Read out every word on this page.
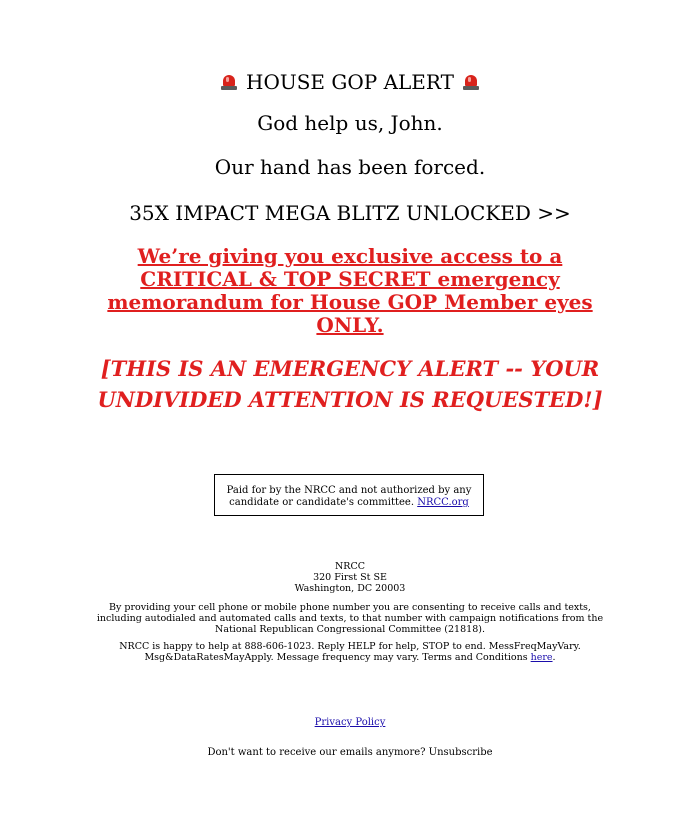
HOUSE GOP ALERT
God help us, John.
Our hand has been forced.
35X IMPACT MEGA BLITZ UNLOCKED >>
We’re giving you exclusive access to a CRITICAL & TOP SECRET emergency memorandum for House GOP Member eyes ONLY.
[THIS IS AN EMERGENCY ALERT -- YOUR
UNDIVIDED ATTENTION IS REQUESTED!]
Paid for by the NRCC and not authorized by any candidate or candidate's committee. NRCC.org
NRCC
320 First St SE
Washington, DC 20003
By providing your cell phone or mobile phone number you are consenting to receive calls and texts, including autodialed and automated calls and texts, to that number with campaign notifications from the National Republican Congressional Committee (21818).
NRCC is happy to help at 888-606-1023. Reply HELP for help, STOP to end. MessFreqMayVary. Msg&DataRatesMayApply. Message frequency may vary. Terms and Conditions here.
Privacy Policy
Don't want to receive our emails anymore? Unsubscribe
